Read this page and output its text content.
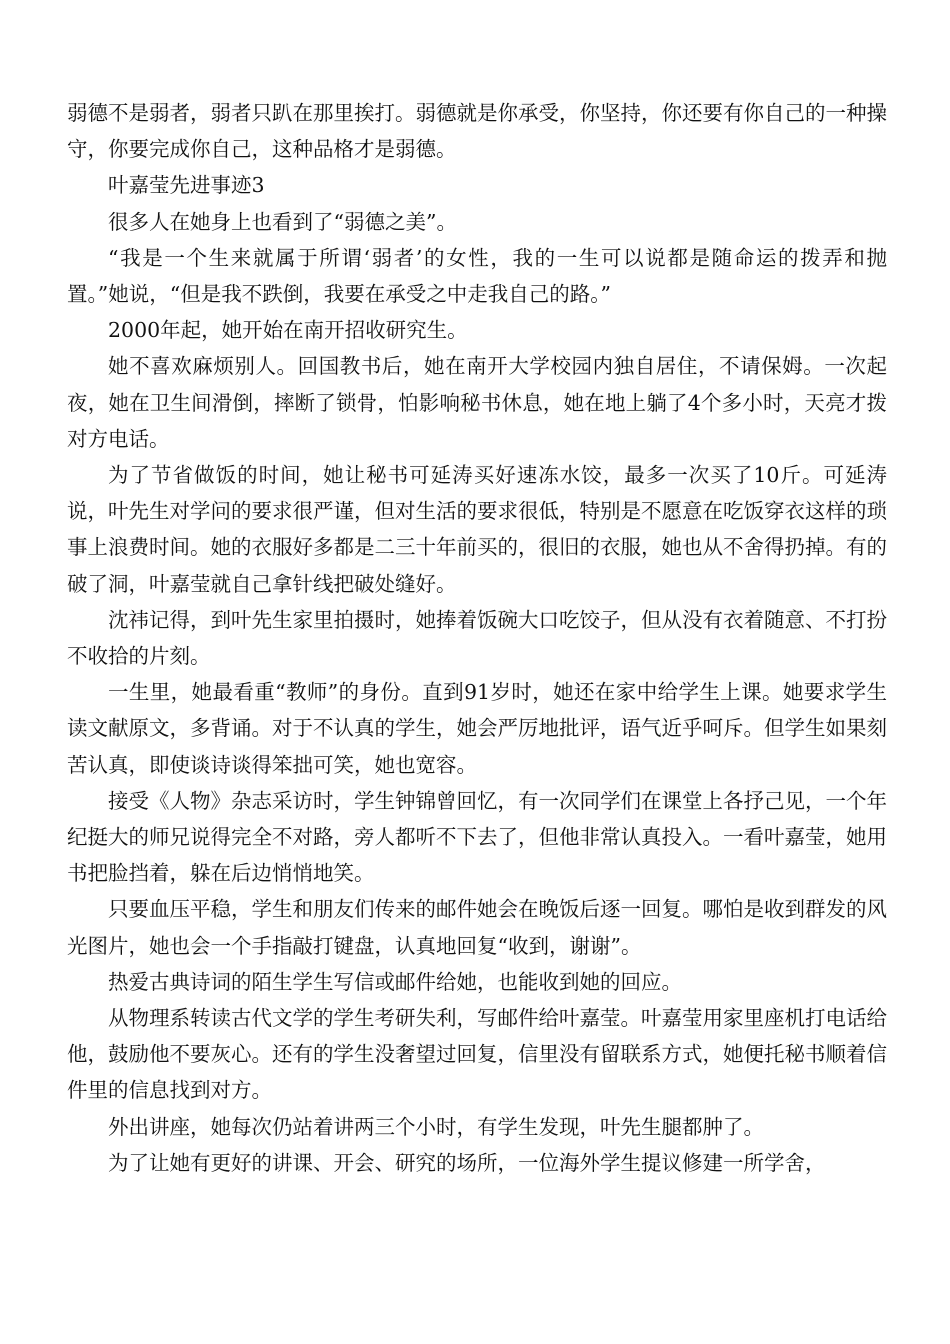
弱德不是弱者，弱者只趴在那里挨打。弱德就是你承受，你坚持，你还要有你自己的一种操守，你要完成你自己，这种品格才是弱德。

叶嘉莹先进事迹3

很多人在她身上也看到了“弱德之美”。

“我是一个生来就属于所谓‘弱者’的女性，我的一生可以说都是随命运的拨弄和抛置。”她说，“但是我不跌倒，我要在承受之中走我自己的路。”

2000年起，她开始在南开招收研究生。

她不喜欢麻烦别人。回国教书后，她在南开大学校园内独自居住，不请保姆。一次起夜，她在卫生间滑倒，摔断了锁骨，怕影响秘书休息，她在地上躺了4个多小时，天亮才拨对方电话。

为了节省做饭的时间，她让秘书可延涛买好速冻水饺，最多一次买了10斤。可延涛说，叶先生对学问的要求很严谨，但对生活的要求很低，特别是不愿意在吃饭穿衣这样的琐事上浪费时间。她的衣服好多都是二三十年前买的，很旧的衣服，她也从不舍得扔掉。有的破了洞，叶嘉莹就自己拿针线把破处缝好。

沈祎记得，到叶先生家里拍摄时，她捧着饭碗大口吃饺子，但从没有衣着随意、不打扮不收拾的片刻。

一生里，她最看重“教师”的身份。直到91岁时，她还在家中给学生上课。她要求学生读文献原文，多背诵。对于不认真的学生，她会严厉地批评，语气近乎呵斥。但学生如果刻苦认真，即使谈诗谈得笨拙可笑，她也宽容。

接受《人物》杂志采访时，学生钟锦曾回忆，有一次同学们在课堂上各抒己见，一个年纪挺大的师兄说得完全不对路，旁人都听不下去了，但他非常认真投入。一看叶嘉莹，她用书把脸挡着，躲在后边悄悄地笑。

只要血压平稳，学生和朋友们传来的邮件她会在晚饭后逐一回复。哪怕是收到群发的风光图片，她也会一个手指敲打键盘，认真地回复“收到，谢谢”。

热爱古典诗词的陌生学生写信或邮件给她，也能收到她的回应。

从物理系转读古代文学的学生考研失利，写邮件给叶嘉莹。叶嘉莹用家里座机打电话给他，鼓励他不要灰心。还有的学生没奢望过回复，信里没有留联系方式，她便托秘书顺着信件里的信息找到对方。

外出讲座，她每次仍站着讲两三个小时，有学生发现，叶先生腿都肿了。

为了让她有更好的讲课、开会、研究的场所，一位海外学生提议修建一所学舍，
